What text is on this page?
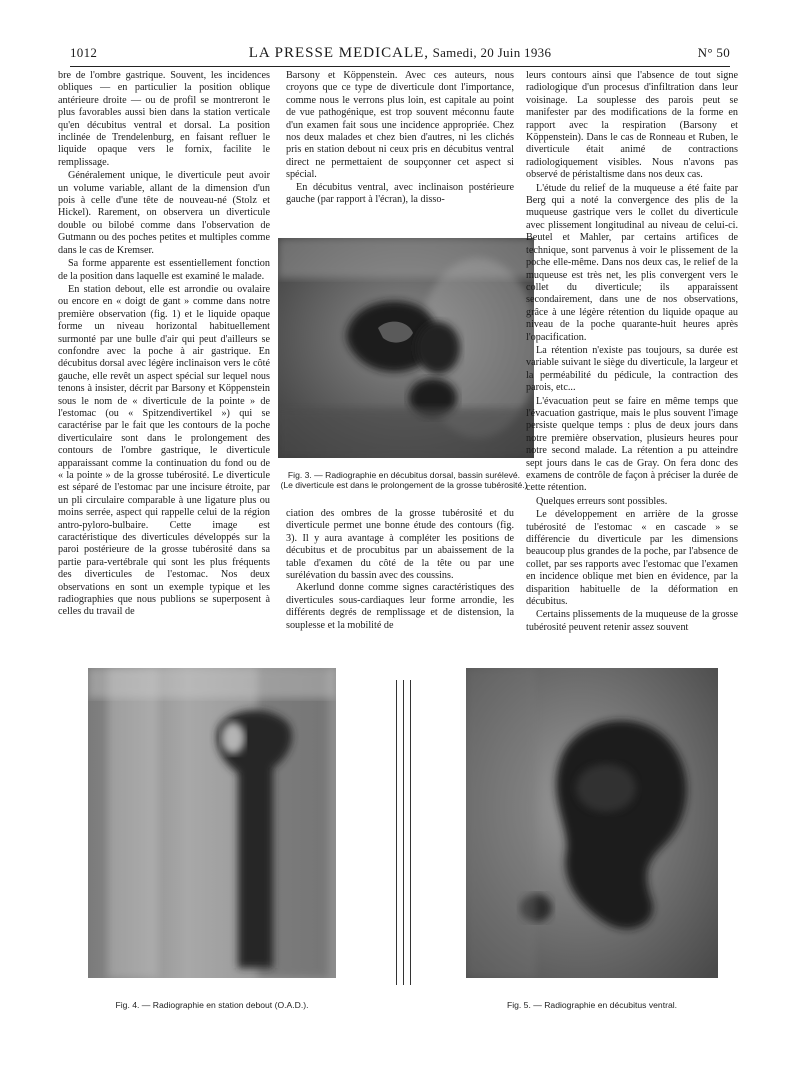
1012	LA PRESSE MEDICALE, Samedi, 20 Juin 1936	N° 50

bre de l'ombre gastrique. Souvent, les incidences obliques — en particulier la position oblique antérieure droite — ou de profil se montreront le plus favorables aussi bien dans la station verticale qu'en décubitus ventral et dorsal. La position inclinée de Trendelenburg, en faisant refluer le liquide opaque vers le fornix, facilite le remplissage.

Généralement unique, le diverticule peut avoir un volume variable, allant de la dimension d'un pois à celle d'une tête de nouveau-né (Stolz et Hickel). Rarement, on observera un diverticule double ou bilobé comme dans l'observation de Gutmann ou des poches petites et multiples comme dans le cas de Kremser.

Sa forme apparente est essentiellement fonction de la position dans laquelle est examiné le malade.

En station debout, elle est arrondie ou ovalaire ou encore en « doigt de gant » comme dans notre première observation (fig. 1) et le liquide opaque forme un niveau horizontal habituellement surmonté par une bulle d'air qui peut d'ailleurs se confondre avec la poche à air gastrique. En décubitus dorsal avec légère inclinaison vers le côté gauche, elle revêt un aspect spécial sur lequel nous tenons à insister, décrit par Barsony et Köppenstein sous le nom de « diverticule de la pointe » de l'estomac (ou « Spitzendivertikel ») qui se caractérise par le fait que les contours de la poche diverticulaire sont dans le prolongement des contours de l'ombre gastrique, le diverticule apparaissant comme la continuation du fond ou de « la pointe » de la grosse tubérosité. Le diverticule est séparé de l'estomac par une incisure étroite, par un pli circulaire comparable à une ligature plus ou moins serrée, aspect qui rappelle celui de la région antro-pyloro-bulbaire. Cette image est caractéristique des diverticules développés sur la paroi postérieure de la grosse tubérosité dans sa partie para-vertébrale qui sont les plus fréquents des diverticules de l'estomac. Nos deux observations en sont un exemple typique et les radiographies que nous publions se superposent à celles du travail de

Barsony et Köppenstein. Avec ces auteurs, nous croyons que ce type de diverticule dont l'importance, comme nous le verrons plus loin, est capitale au point de vue pathogénique, est trop souvent méconnu faute d'un examen fait sous une incidence appropriée. Chez nos deux malades et chez bien d'autres, ni les clichés pris en station debout ni ceux pris en décubitus ventral direct ne permettaient de soupçonner cet aspect si spécial.

En décubitus ventral, avec inclinaison postérieure gauche (par rapport à l'écran), la disso-

Fig. 3. — Radiographie en décubitus dorsal, bassin surélevé.
(Le diverticule est dans le prolongement de la grosse tubérosité.)

ciation des ombres de la grosse tubérosité et du diverticule permet une bonne étude des contours (fig. 3). Il y aura avantage à compléter les positions de décubitus et de procubitus par un abaissement de la table d'examen du côté de la tête ou par une surélévation du bassin avec des coussins.

Akerlund donne comme signes caractéristiques des diverticules sous-cardiaques leur forme arrondie, les différents degrés de remplissage et de distension, la souplesse et la mobilité de

leurs contours ainsi que l'absence de tout signe radiologique d'un procesus d'infiltration dans leur voisinage. La souplesse des parois peut se manifester par des modifications de la forme en rapport avec la respiration (Barsony et Köppenstein). Dans le cas de Ronneau et Ruben, le diverticule était animé de contractions radiologiquement visibles. Nous n'avons pas observé de péristaltisme dans nos deux cas.

L'étude du relief de la muqueuse a été faite par Berg qui a noté la convergence des plis de la muqueuse gastrique vers le collet du diverticule avec plissement longitudinal au niveau de celui-ci. Beutel et Mahler, par certains artifices de technique, sont parvenus à voir le plissement de la poche elle-même. Dans nos deux cas, le relief de la muqueuse est très net, les plis convergent vers le collet du diverticule; ils apparaissent secondairement, dans une de nos observations, grâce à une légère rétention du liquide opaque au niveau de la poche quarante-huit heures après l'opacification.

La rétention n'existe pas toujours, sa durée est variable suivant le siège du diverticule, la largeur et la perméabilité du pédicule, la contraction des parois, etc...

L'évacuation peut se faire en même temps que l'évacuation gastrique, mais le plus souvent l'image persiste quelque temps : plus de deux jours dans notre première observation, plusieurs heures pour notre second malade. La rétention a pu atteindre sept jours dans le cas de Gray. On fera donc des examens de contrôle de façon à préciser la durée de cette rétention.

Quelques erreurs sont possibles.

Le développement en arrière de la grosse tubérosité de l'estomac « en cascade » se différencie du diverticule par les dimensions beaucoup plus grandes de la poche, par l'absence de collet, par ses rapports avec l'estomac que l'examen en incidence oblique met bien en évidence, par la disparition habituelle de la déformation en décubitus.

Certains plissements de la muqueuse de la grosse tubérosité peuvent retenir assez souvent

Fig. 4. — Radiographie en station debout (O.A.D.).	Fig. 5. — Radiographie en décubitus ventral.
